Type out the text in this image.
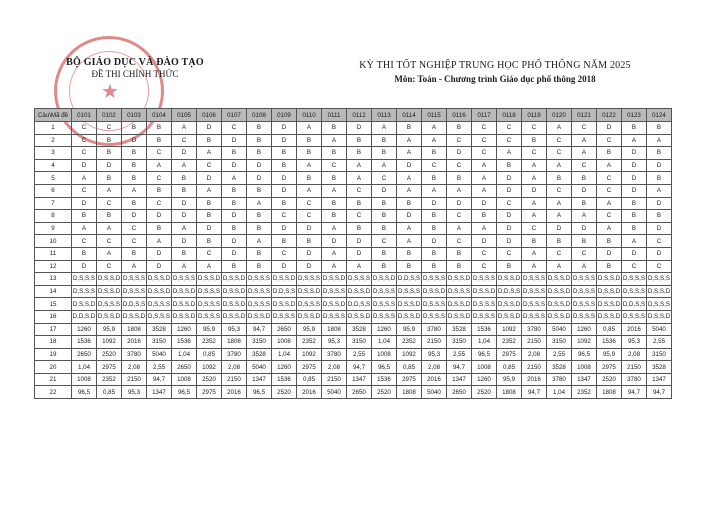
★
BỘ GIÁO DỤC VÀ ĐÀO TẠO
ĐỀ THI CHÍNH THỨC
KỲ THI TỐT NGHIỆP TRUNG HỌC PHỔ THÔNG NĂM 2025
Môn: Toán - Chương trình Giáo dục phổ thông 2018
Câu\Mã đề	0101	0102	0103	0104	0105	0106	0107	0108	0109	0110	0111	0112	0113	0114	0115	0116	0117	0118	0119	0120	0121	0122	0123	0124
1	C	C	B	B	A	D	C	B	D	A	B	D	A	B	A	B	C	C	C	A	C	D	B	B
2	C	B	D	B	C	B	D	B	D	B	A	B	B	A	A	C	C	C	B	C	A	C	A	A
3	C	B	B	C	D	A	B	B	B	B	B	B	B	A	B	D	C	A	C	C	A	B	D	B
4	D	D	B	A	A	C	D	D	B	A	C	A	A	D	C	C	A	B	A	A	C	A	D	D
5	A	B	B	C	B	D	A	D	D	B	B	A	C	A	B	B	A	D	A	B	B	C	D	B
6	C	A	A	B	B	A	B	B	D	A	A	C	D	A	A	A	A	D	D	C	D	C	D	A
7	D	C	B	C	D	B	B	A	B	C	B	B	B	B	D	D	D	C	A	A	B	A	B	D
8	B	B	D	D	D	B	D	B	C	C	B	C	B	D	B	C	B	D	A	A	A	C	B	B
9	A	A	C	B	A	D	B	B	D	D	A	B	B	A	B	A	A	D	C	D	D	A	B	D
10	C	C	C	A	D	B	D	A	B	B	D	D	C	A	D	C	D	D	B	B	B	B	A	C
11	B	A	B	D	B	C	D	B	C	D	A	D	B	B	B	B	C	C	A	C	C	D	D	D
12	D	C	A	D	A	A	B	B	D	D	A	A	B	B	B	B	C	B	A	A	A	B	C	C
13	D,S,S,S	D,S,S,D	D,S,S,S	D,S,S,D	D,S,S,S	D,S,S,D	D,S,S,D	D,S,S,S	D,S,S,D	D,S,S,S	D,S,S,D	D,S,S,S	D,S,S,D	D,D,S,S	D,S,S,S	D,S,S,D	D,S,S,S	D,S,S,D	D,S,S,S	D,S,S,D	D,S,S,S	D,S,S,D	D,S,S,S	D,S,S,S
14	D,S,S,S	D,S,S,D	D,S,S,S	D,S,S,D	D,S,S,D	D,S,S,S	D,S,S,D	D,S,S,S	D,D,S,S	D,S,S,D	D,S,S,S	D,S,S,D	D,S,S,S	D,S,S,S	D,S,S,D	D,S,S,S	D,S,S,D	D,D,S,S	D,S,S,S	D,S,S,D	D,S,S,S	D,S,S,D	D,S,S,S	D,S,S,D
15	D,S,S,D	D,S,S,S	D,D,S,S	D,S,S,S	D,S,S,D	D,S,S,S	D,S,S,D	D,S,S,S	D,S,S,D	D,S,S,S	D,S,S,D	D,D,S,S	D,S,S,S	D,S,S,D	D,S,S,S	D,S,S,D	D,S,S,S	D,S,S,D	D,S,S,S	D,S,S,D	D,S,S,S	D,S,S,D	D,D,S,S	D,S,S,S
16	D,D,S,D	D,S,S,D	D,S,S,D	D,S,S,S	D,S,S,D	D,S,S,S	D,S,S,D	D,S,S,D	D,S,S,S	D,S,S,D	D,S,S,S	D,S,S,D	D,S,S,S	D,S,S,D	D,S,S,S	D,S,S,D	D,S,S,S	D,S,S,D	D,S,S,S	D,S,S,D	D,S,S,S	D,S,S,D	D,S,S,S	D,S,S,D
17	1260	95,9	1808	3528	1260	95,9	95,3	94,7	2650	95,9	1808	3528	1260	95,9	3780	3528	1536	1092	3780	5040	1260	0,85	2016	5040
18	1536	1092	2016	3150	1536	2352	1808	3150	1008	2352	95,3	3150	1,04	2352	2150	3150	1,04	2352	2150	3150	1092	1536	95,3	2,55
19	2650	2520	3780	5040	1,04	0,85	3780	3528	1,04	1092	3780	2,55	1008	1092	95,3	2,55	96,5	2975	2,08	2,55	96,5	95,9	2,08	3150
20	1,04	2975	2,08	2,55	2650	1092	2,08	5040	1260	2975	2,08	94,7	96,5	0,85	2,08	94,7	1008	0,85	2150	3528	1008	2975	2150	3528
21	1008	2352	2150	94,7	1008	2520	2150	1347	1536	0,85	2150	1347	1536	2975	2016	1347	1260	95,9	2016	3780	1347	2520	3780	1347
22	96,5	0,85	95,3	1347	96,5	2975	2016	96,5	2520	2016	5040	2650	2520	1808	5040	2650	2520	1808	94,7	1,04	2352	1808	94,7	94,7
